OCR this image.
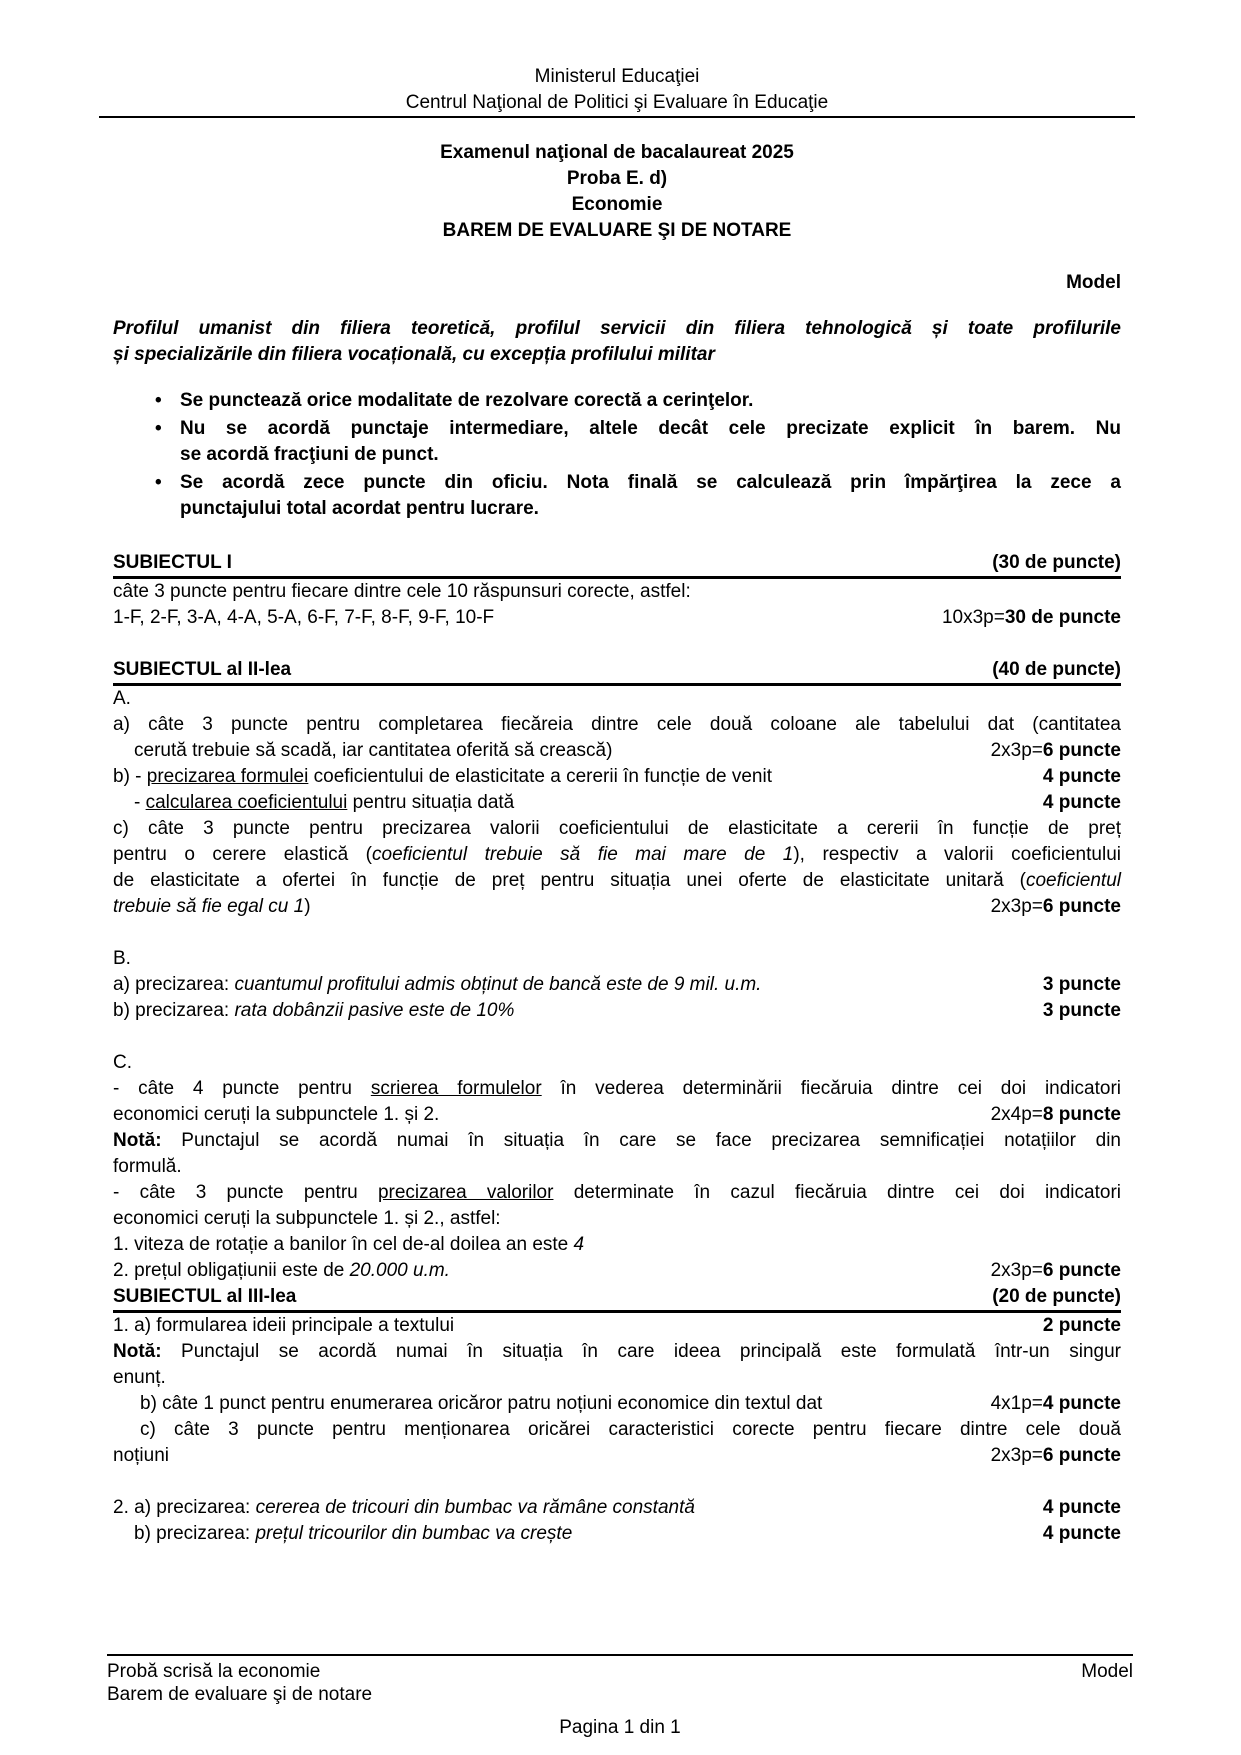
Ministerul Educaţiei
Centrul Naţional de Politici şi Evaluare în Educaţie
Examenul naţional de bacalaureat 2025
Proba E. d)
Economie
BAREM DE EVALUARE ŞI DE NOTARE
Model
Profilul umanist din filiera teoretică, profilul servicii din filiera tehnologică și toate profilurile
și specializările din filiera vocațională, cu excepția profilului militar
• Se punctează orice modalitate de rezolvare corectă a cerinţelor.
• Nu se acordă punctaje intermediare, altele decât cele precizate explicit în barem. Nu
se acordă fracţiuni de punct.
• Se acordă zece puncte din oficiu. Nota finală se calculează prin împărţirea la zece a
punctajului total acordat pentru lucrare.
SUBIECTUL I	(30 de puncte)
câte 3 puncte pentru fiecare dintre cele 10 răspunsuri corecte, astfel:
1-F, 2-F, 3-A, 4-A, 5-A, 6-F, 7-F, 8-F, 9-F, 10-F	10x3p=30 de puncte
SUBIECTUL al II-lea	(40 de puncte)
A.
a) câte 3 puncte pentru completarea fiecăreia dintre cele două coloane ale tabelului dat (cantitatea
cerută trebuie să scadă, iar cantitatea oferită să crească)	2x3p=6 puncte
b) - precizarea formulei coeficientului de elasticitate a cererii în funcție de venit	4 puncte
- calcularea coeficientului pentru situația dată	4 puncte
c) câte 3 puncte pentru precizarea valorii coeficientului de elasticitate a cererii în funcție de preț
pentru o cerere elastică (coeficientul trebuie să fie mai mare de 1), respectiv a valorii coeficientului
de elasticitate a ofertei în funcție de preț pentru situația unei oferte de elasticitate unitară (coeficientul
trebuie să fie egal cu 1)	2x3p=6 puncte
B.
a) precizarea: cuantumul profitului admis obținut de bancă este de 9 mil. u.m.	3 puncte
b) precizarea: rata dobânzii pasive este de 10%	3 puncte
C.
- câte 4 puncte pentru scrierea formulelor în vederea determinării fiecăruia dintre cei doi indicatori
economici ceruți la subpunctele 1. și 2.	2x4p=8 puncte
Notă: Punctajul se acordă numai în situația în care se face precizarea semnificației notațiilor din
formulă.
- câte 3 puncte pentru precizarea valorilor determinate în cazul fiecăruia dintre cei doi indicatori
economici ceruți la subpunctele 1. și 2., astfel:
1. viteza de rotație a banilor în cel de-al doilea an este 4
2. prețul obligațiunii este de 20.000 u.m.	2x3p=6 puncte
SUBIECTUL al III-lea	(20 de puncte)
1. a) formularea ideii principale a textului	2 puncte
Notă: Punctajul se acordă numai în situația în care ideea principală este formulată într-un singur
enunț.
b) câte 1 punct pentru enumerarea oricăror patru noțiuni economice din textul dat	4x1p=4 puncte
c) câte 3 puncte pentru menționarea oricărei caracteristici corecte pentru fiecare dintre cele două
noțiuni	2x3p=6 puncte
2. a) precizarea: cererea de tricouri din bumbac va rămâne constantă	4 puncte
b) precizarea: prețul tricourilor din bumbac va crește	4 puncte
Probă scrisă la economie	Model
Barem de evaluare şi de notare
Pagina 1 din 1
